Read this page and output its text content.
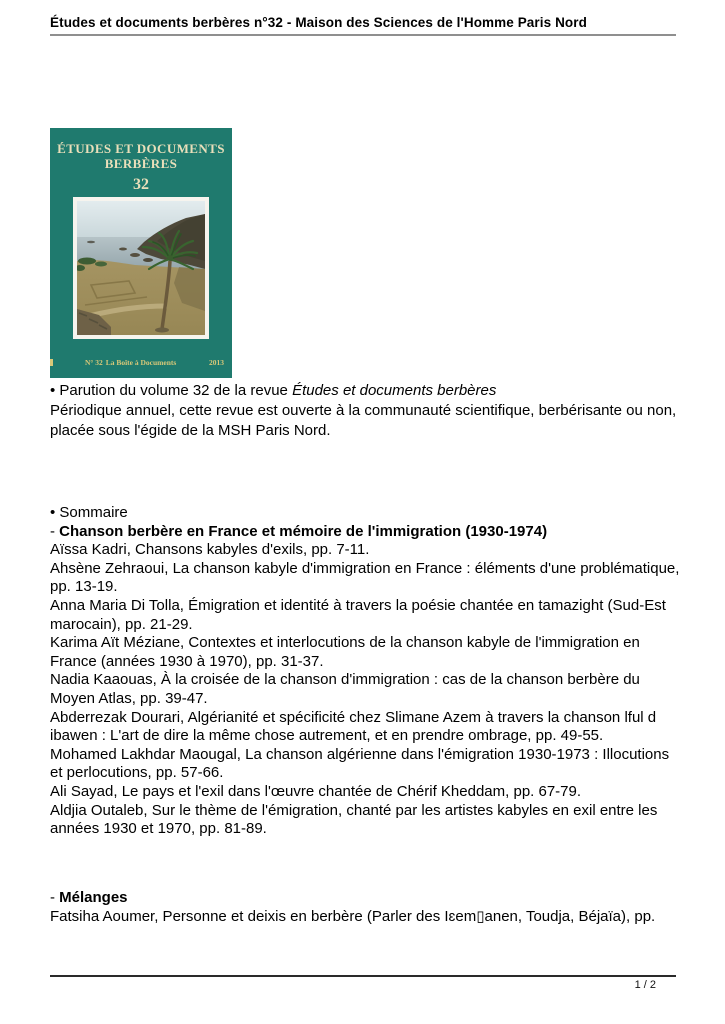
Études et documents berbères n°32 - Maison des Sciences de l'Homme Paris Nord
ÉTUDES ET DOCUMENTS
BERBÈRES
32
N° 32 La Boîte à Documents	2013

• Parution du volume 32 de la revue Études et documents berbères

Périodique annuel, cette revue est ouverte à la communauté scientifique, berbérisante ou non, placée sous l'égide de la MSH Paris Nord.

• Sommaire

- Chanson berbère en France et mémoire de l'immigration (1930-1974)

Aïssa Kadri, Chansons kabyles d'exils, pp. 7-11.

Ahsène Zehraoui, La chanson kabyle d'immigration en France : éléments d'une problématique, pp. 13-19.

Anna Maria Di Tolla, Émigration et identité à travers la poésie chantée en tamazight (Sud-Est marocain), pp. 21-29.

Karima Aït Méziane, Contextes et interlocutions de la chanson kabyle de l'immigration en France (années 1930 à 1970), pp. 31-37.

Nadia Kaaouas, À la croisée de la chanson d'immigration : cas de la chanson berbère du Moyen Atlas, pp. 39-47.

Abderrezak Dourari, Algérianité et spécificité chez Slimane Azem à travers la chanson lful d ibawen : L'art de dire la même chose autrement, et en prendre ombrage, pp. 49-55.

Mohamed Lakhdar Maougal, La chanson algérienne dans l'émigration 1930-1973 : Illocutions et perlocutions, pp. 57-66.

Ali Sayad, Le pays et l'exil dans l'œuvre chantée de Chérif Kheddam, pp. 67-79.

Aldjia Outaleb, Sur le thème de l'émigration, chanté par les artistes kabyles en exil entre les années 1930 et 1970, pp. 81-89.

- Mélanges

Fatsiha Aoumer, Personne et deixis en berbère (Parler des Iɛem▯anen, Toudja, Béjaïa), pp.

1 / 2
